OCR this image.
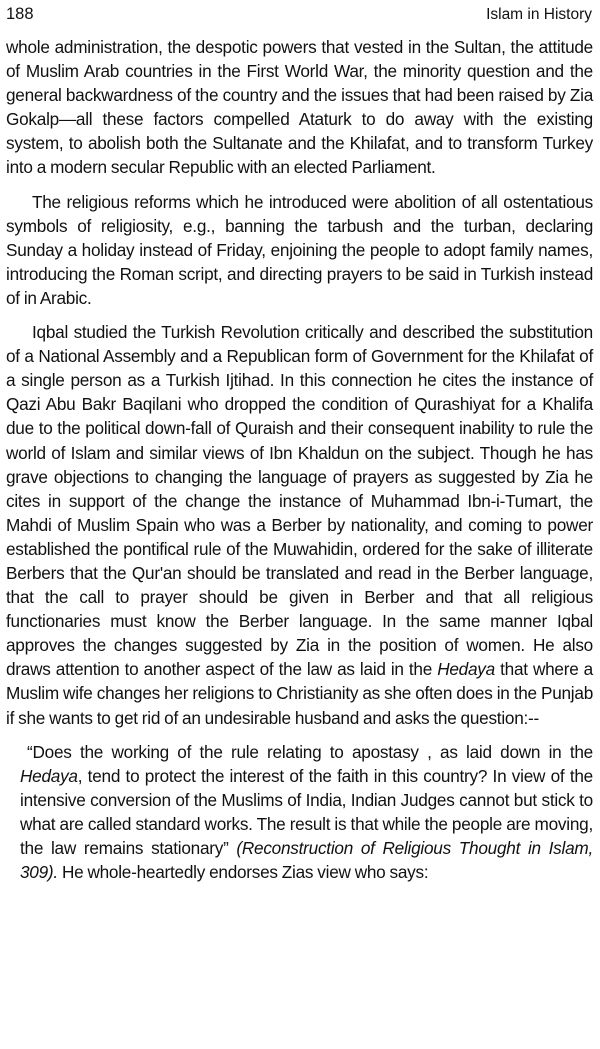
188	Islam in History

whole administration, the despotic powers that vested in the Sultan, the attitude of Muslim Arab countries in the First World War, the minority question and the general backwardness of the country and the issues that had been raised by Zia Gokalp—all these factors compelled Ataturk to do away with the existing system, to abolish both the Sultanate and the Khilafat, and to transform Turkey into a modern secular Republic with an elected Parliament.

The religious reforms which he introduced were abolition of all ostentatious symbols of religiosity, e.g., banning the tarbush and the turban, declaring Sunday a holiday instead of Friday, enjoining the people to adopt family names, introducing the Roman script, and directing prayers to be said in Turkish instead of in Arabic.

Iqbal studied the Turkish Revolution critically and described the substitution of a National Assembly and a Republican form of Government for the Khilafat of a single person as a Turkish Ijtihad. In this connection he cites the instance of Qazi Abu Bakr Baqilani who dropped the condition of Qurashiyat for a Khalifa due to the political down-fall of Quraish and their consequent inability to rule the world of Islam and similar views of Ibn Khaldun on the subject. Though he has grave objections to changing the language of prayers as suggested by Zia he cites in support of the change the instance of Muhammad Ibn-i-Tumart, the Mahdi of Muslim Spain who was a Berber by nationality, and coming to power established the pontifical rule of the Muwahidin, ordered for the sake of illiterate Berbers that the Qur'an should be translated and read in the Berber language, that the call to prayer should be given in Berber and that all religious functionaries must know the Berber language. In the same manner Iqbal approves the changes suggested by Zia in the position of women. He also draws attention to another aspect of the law as laid in the Hedaya that where a Muslim wife changes her religions to Christianity as she often does in the Punjab if she wants to get rid of an undesirable husband and asks the question:--

“Does the working of the rule relating to apostasy , as laid down in the Hedaya, tend to protect the interest of the faith in this country? In view of the intensive conversion of the Muslims of India, Indian Judges cannot but stick to what are called standard works. The result is that while the people are moving, the law remains stationary” (Reconstruction of Religious Thought in Islam, 309). He whole-heartedly endorses Zias view who says:
